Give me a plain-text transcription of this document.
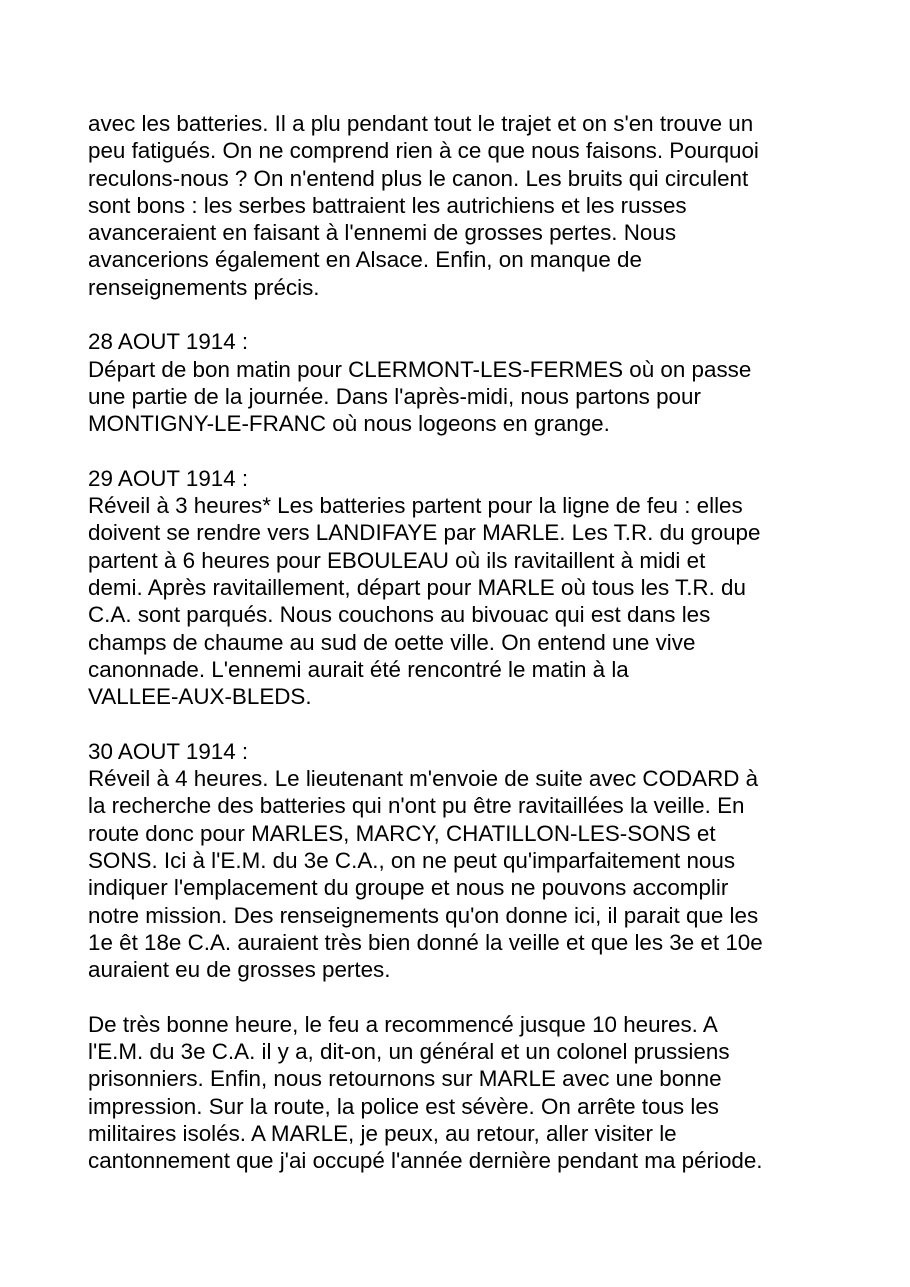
avec les batteries. Il a plu pendant tout le trajet et on s'en trouve un
peu fatigués. On ne comprend rien à ce que nous faisons. Pourquoi
reculons-nous ? On n'entend plus le canon. Les bruits qui circulent
sont bons : les serbes battraient les autrichiens et les russes
avanceraient en faisant à l'ennemi de grosses pertes. Nous
avancerions également en Alsace. Enfin, on manque de
renseignements précis.
28 AOUT 1914 :
Départ de bon matin pour CLERMONT-LES-FERMES où on passe
une partie de la journée. Dans l'après-midi, nous partons pour
MONTIGNY-LE-FRANC où nous logeons en grange.
29 AOUT 1914 :
Réveil à 3 heures* Les batteries partent pour la ligne de feu : elles
doivent se rendre vers LANDIFAYE par MARLE. Les T.R. du groupe
partent à 6 heures pour EBOULEAU où ils ravitaillent à midi et
demi. Après ravitaillement, départ pour MARLE où tous les T.R. du
C.A. sont parqués. Nous couchons au bivouac qui est dans les
champs de chaume au sud de oette ville. On entend une vive
canonnade. L'ennemi aurait été rencontré le matin à la
VALLEE-AUX-BLEDS.
30 AOUT 1914 :
Réveil à 4 heures. Le lieutenant m'envoie de suite avec CODARD à
la recherche des batteries qui n'ont pu être ravitaillées la veille. En
route donc pour MARLES, MARCY, CHATILLON-LES-SONS et
SONS. Ici à l'E.M. du 3e C.A., on ne peut qu'imparfaitement nous
indiquer l'emplacement du groupe et nous ne pouvons accomplir
notre mission. Des renseignements qu'on donne ici, il parait que les
1e êt 18e C.A. auraient très bien donné la veille et que les 3e et 10e
auraient eu de grosses pertes.
De très bonne heure, le feu a recommencé jusque 10 heures. A
l'E.M. du 3e C.A. il y a, dit-on, un général et un colonel prussiens
prisonniers. Enfin, nous retournons sur MARLE avec une bonne
impression. Sur la route, la police est sévère. On arrête tous les
militaires isolés. A MARLE, je peux, au retour, aller visiter le
cantonnement que j'ai occupé l'année dernière pendant ma période.
